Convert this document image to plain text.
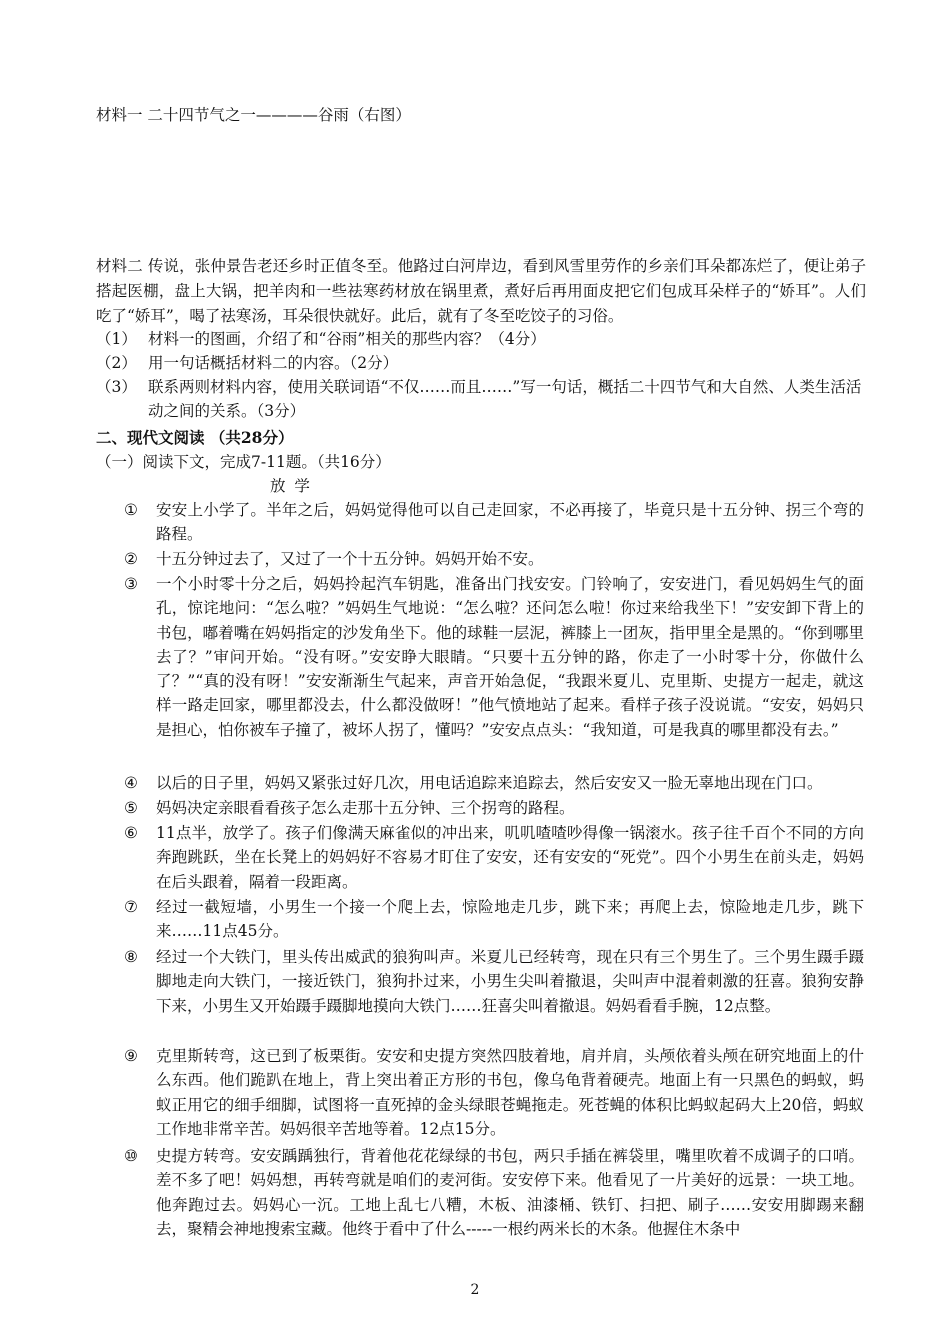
材料一 二十四节气之一————谷雨（右图）
材料二 传说，张仲景告老还乡时正值冬至。他路过白河岸边，看到风雪里劳作的乡亲们耳朵都冻烂了，便让弟子搭起医棚，盘上大锅，把羊肉和一些祛寒药材放在锅里煮，煮好后再用面皮把它们包成耳朵样子的“娇耳”。人们吃了“娇耳”，喝了祛寒汤，耳朵很快就好。此后，就有了冬至吃饺子的习俗。
（1） 材料一的图画，介绍了和“谷雨”相关的那些内容？（4分）
（2） 用一句话概括材料二的内容。（2分）
（3） 联系两则材料内容，使用关联词语“不仅……而且……”写一句话，概括二十四节气和大自然、人类生活活动之间的关系。（3分）
二、现代文阅读 （共28分）
（一）阅读下文，完成7-11题。（共16分）
放 学
①	安安上小学了。半年之后，妈妈觉得他可以自己走回家，不必再接了，毕竟只是十五分钟、拐三个弯的路程。
②	十五分钟过去了，又过了一个十五分钟。妈妈开始不安。
③	一个小时零十分之后，妈妈拎起汽车钥匙，准备出门找安安。门铃响了，安安进门，看见妈妈生气的面孔，惊诧地问：“怎么啦？”妈妈生气地说：“怎么啦？还问怎么啦！你过来给我坐下！”安安卸下背上的书包，嘟着嘴在妈妈指定的沙发角坐下。他的球鞋一层泥，裤膝上一团灰，指甲里全是黑的。“你到哪里去了？”审问开始。“没有呀。”安安睁大眼睛。“只要十五分钟的路，你走了一小时零十分，你做什么了？”“真的没有呀！”安安渐渐生气起来，声音开始急促，“我跟米夏儿、克里斯、史提方一起走，就这样一路走回家，哪里都没去，什么都没做呀！”他气愤地站了起来。看样子孩子没说谎。“安安，妈妈只是担心，怕你被车子撞了，被坏人拐了，懂吗？”安安点点头：“我知道，可是我真的哪里都没有去。”
④	以后的日子里，妈妈又紧张过好几次，用电话追踪来追踪去，然后安安又一脸无辜地出现在门口。
⑤	妈妈决定亲眼看看孩子怎么走那十五分钟、三个拐弯的路程。
⑥	11点半，放学了。孩子们像满天麻雀似的冲出来，叽叽喳喳吵得像一锅滚水。孩子往千百个不同的方向奔跑跳跃，坐在长凳上的妈妈好不容易才盯住了安安，还有安安的“死党”。四个小男生在前头走，妈妈在后头跟着，隔着一段距离。
⑦	经过一截短墙，小男生一个接一个爬上去，惊险地走几步，跳下来；再爬上去，惊险地走几步，跳下来……11点45分。
⑧	经过一个大铁门，里头传出威武的狼狗叫声。米夏儿已经转弯，现在只有三个男生了。三个男生蹑手蹑脚地走向大铁门，一接近铁门，狼狗扑过来，小男生尖叫着撤退，尖叫声中混着刺激的狂喜。狼狗安静下来，小男生又开始蹑手蹑脚地摸向大铁门……狂喜尖叫着撤退。妈妈看看手腕，12点整。
⑨	克里斯转弯，这已到了板栗街。安安和史提方突然四肢着地，肩并肩，头颅依着头颅在研究地面上的什么东西。他们跪趴在地上，背上突出着正方形的书包，像乌龟背着硬壳。地面上有一只黑色的蚂蚁，蚂蚁正用它的细手细脚，试图将一直死掉的金头绿眼苍蝇拖走。死苍蝇的体积比蚂蚁起码大上20倍，蚂蚁工作地非常辛苦。妈妈很辛苦地等着。12点15分。
⑩	史提方转弯。安安踽踽独行，背着他花花绿绿的书包，两只手插在裤袋里，嘴里吹着不成调子的口哨。差不多了吧！妈妈想，再转弯就是咱们的麦河街。安安停下来。他看见了一片美好的远景：一块工地。他奔跑过去。妈妈心一沉。工地上乱七八糟，木板、油漆桶、铁钉、扫把、刷子……安安用脚踢来翻去，聚精会神地搜索宝藏。他终于看中了什么-----一根约两米长的木条。他握住木条中
2
